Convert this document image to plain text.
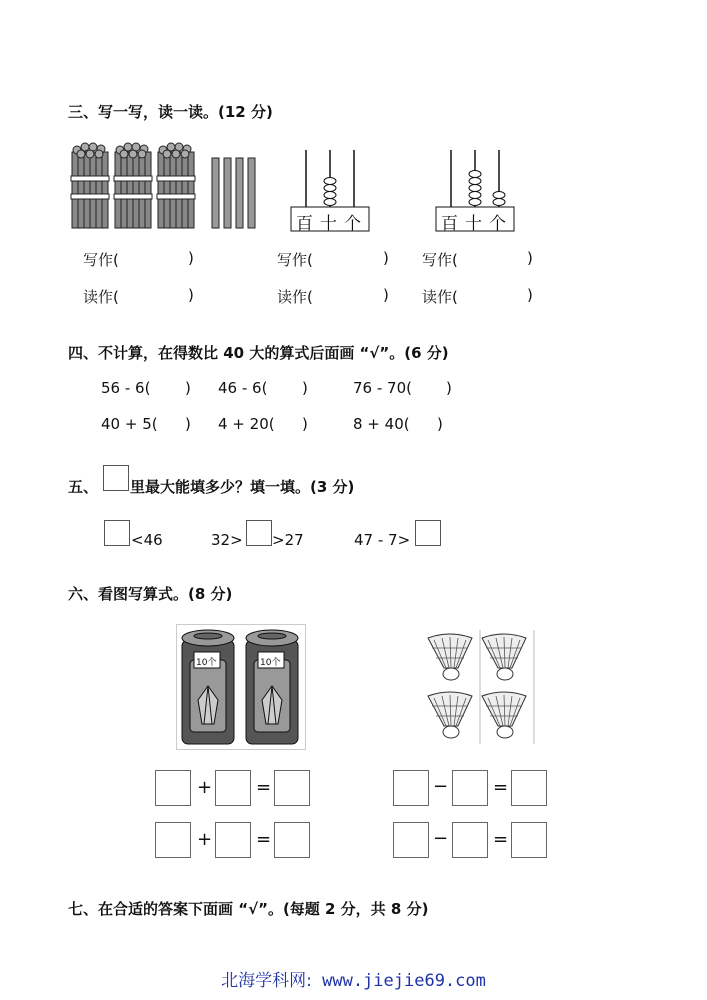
三、写一写，读一读。(12 分)
百 十 个	百 十 个
写作(	)	写作(	) 写作(	)
读作(	)	读作(	) 读作(	)
四、不计算，在得数比 40 大的算式后面画 “√”。(6 分)
56 - 6( ) 46 - 6( )	76 - 70( )
40 + 5( ) 4 + 20( )	8 + 40( )
五、 里最大能填多少？填一填。(3 分)
<46	32> >27	47 - 7>
六、看图写算式。(8 分)
10个	10个
+ =
+ =
− =
− =
七、在合适的答案下面画 “√”。(每题 2 分，共 8 分)
北海学科网: www.jiejie69.com
